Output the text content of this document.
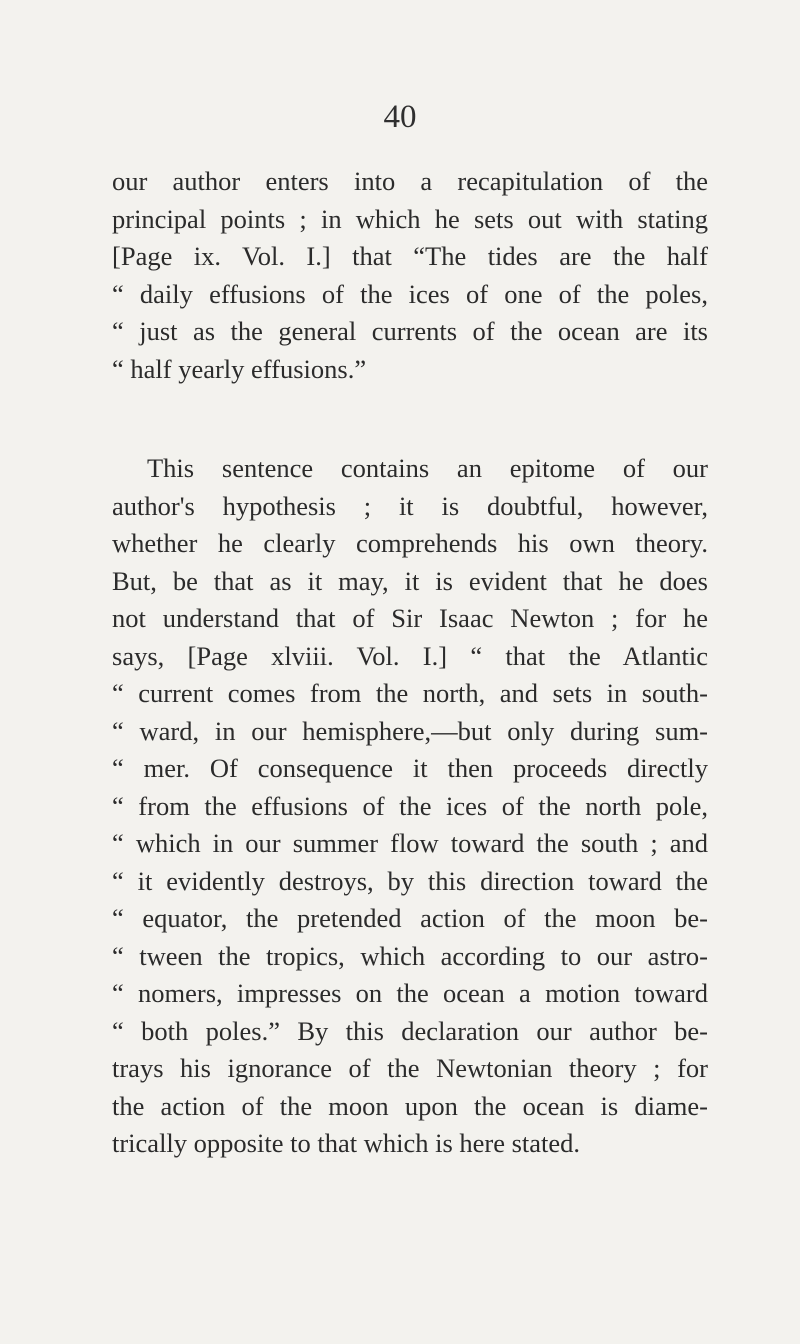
40
our author enters into a recapitulation of the
principal points ; in which he sets out with stating
[Page ix. Vol. I.] that “The tides are the half
“ daily effusions of the ices of one of the poles,
“ just as the general currents of the ocean are its
“ half yearly effusions.”
This sentence contains an epitome of our
author's hypothesis ; it is doubtful, however,
whether he clearly comprehends his own theory.
But, be that as it may, it is evident that he does
not understand that of Sir Isaac Newton ; for he
says, [Page xlviii. Vol. I.] “ that the Atlantic
“ current comes from the north, and sets in south-
“ ward, in our hemisphere,—but only during sum-
“ mer. Of consequence it then proceeds directly
“ from the effusions of the ices of the north pole,
“ which in our summer flow toward the south ; and
“ it evidently destroys, by this direction toward the
“ equator, the pretended action of the moon be-
“ tween the tropics, which according to our astro-
“ nomers, impresses on the ocean a motion toward
“ both poles.” By this declaration our author be-
trays his ignorance of the Newtonian theory ; for
the action of the moon upon the ocean is diame-
trically opposite to that which is here stated.
